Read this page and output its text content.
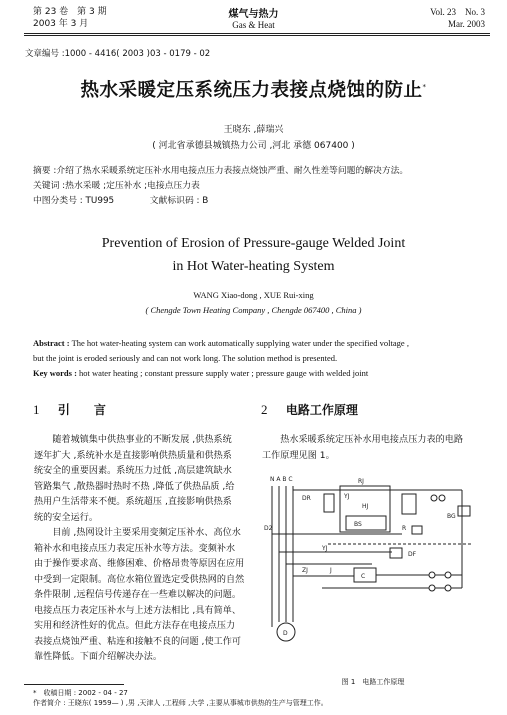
第 23 卷　第 3 期
2003 年 3 月
煤气与热力
Gas & Heat
Vol. 23　No. 3
Mar. 2003
文章编号 :1000 - 4416( 2003 )03 - 0179 - 02
热水采暖定压系统压力表接点烧蚀的防止*
王晓东 ,薛瑞兴
( 河北省承德县城镇热力公司 ,河北 承德 067400 )
摘要 :介绍了热水采暖系统定压补水用电接点压力表接点烧蚀严重、耐久性差等问题的解决方法。
关键词 :热水采暖 ;定压补水 ;电接点压力表
中图分类号 : TU995	文献标识码 : B
Prevention of Erosion of Pressure-gauge Welded Joint
in Hot Water-heating System
WANG Xiao-dong , XUE Rui-xing
( Chengde Town Heating Company , Chengde 067400 , China )
Abstract : The hot water-heating system can work automatically supplying water under the specified voltage ,
but the joint is eroded seriously and can not work long. The solution method is presented.
Key words : hot water heating ; constant pressure supply water ; pressure gauge with welded joint
1 引　　言	2 电路工作原理
随着城镇集中供热事业的不断发展 ,供热系统
逐年扩大 ,系统补水是直接影响供热质量和供热系
统安全的重要因素。系统压力过低 ,高层建筑缺水
管路集气 ,散热器时热时不热 ,降低了供热品质 ,给
热用户生活带来不便。系统超压 ,直接影响供热系
统的安全运行。
目前 ,热网设计主要采用变频定压补水、高位水
箱补水和电接点压力表定压补水等方法。变频补水
由于操作要求高、维修困难、价格昂贵等原因在应用
中受到一定限制。高位水箱位置选定受供热网的自然
条件限制 ,远程信号传递存在一些难以解决的问题。
电接点压力表定压补水与上述方法相比 ,具有简单、
实用和经济性好的优点。但此方法存在电接点压力
表接点烧蚀严重、粘连和接触不良的问题 ,使工作可
靠性降低。下面介绍解决办法。
热水采暖系统定压补水用电接点压力表的电路
工作原理见图 1。
N A B C
DR
RJ
YJ
HJ
BG
D2
BS
R
YJ
DF
ZJ	J
C
D
图 1　电路工作原理
*　 收稿日期 : 2002 - 04 - 27
作者简介 : 王晓东( 1959— ) ,男 ,天津人 ,工程师 ,大学 ,主要从事城市供热的生产与管理工作。
